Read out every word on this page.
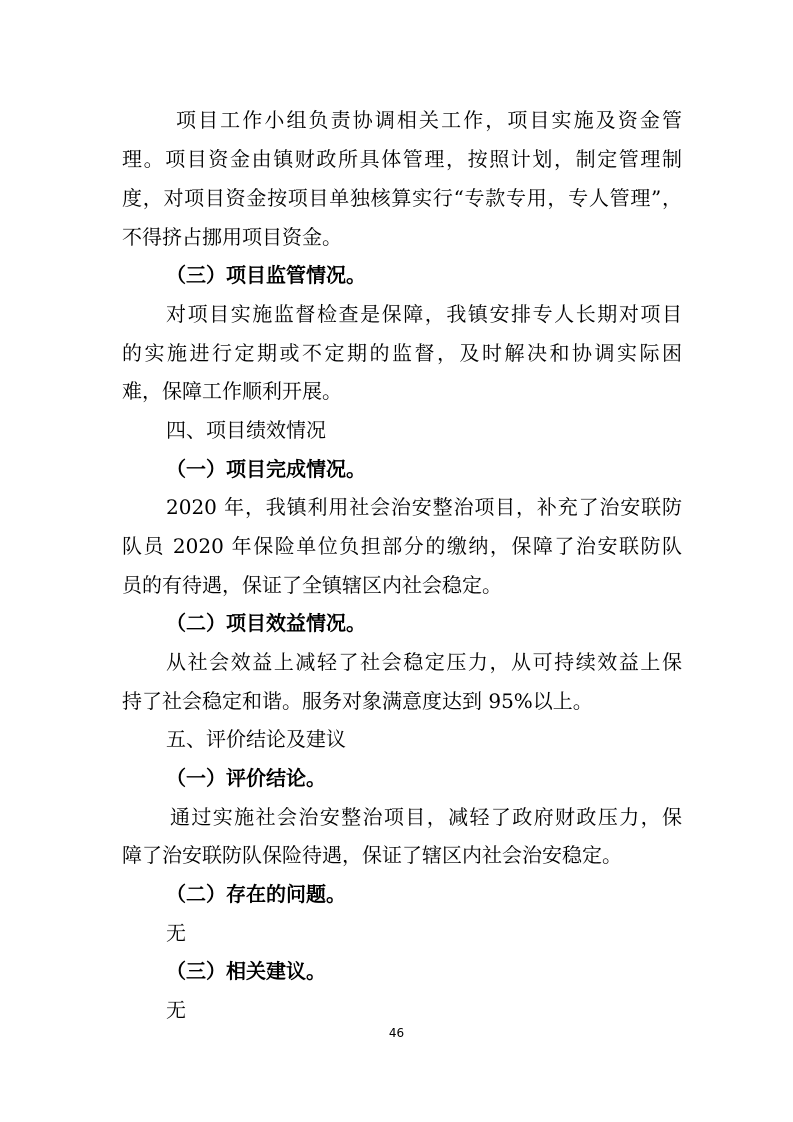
项目工作小组负责协调相关工作，项目实施及资金管
理。项目资金由镇财政所具体管理，按照计划，制定管理制
度，对项目资金按项目单独核算实行“专款专用，专人管理”，
不得挤占挪用项目资金。
（三）项目监管情况。
对项目实施监督检查是保障，我镇安排专人长期对项目
的实施进行定期或不定期的监督，及时解决和协调实际困
难，保障工作顺利开展。
四、项目绩效情况
（一）项目完成情况。
2020 年，我镇利用社会治安整治项目，补充了治安联防
队员 2020 年保险单位负担部分的缴纳，保障了治安联防队
员的有待遇，保证了全镇辖区内社会稳定。
（二）项目效益情况。
从社会效益上减轻了社会稳定压力，从可持续效益上保
持了社会稳定和谐。服务对象满意度达到 95%以上。
五、评价结论及建议
（一）评价结论。
通过实施社会治安整治项目，减轻了政府财政压力，保
障了治安联防队保险待遇，保证了辖区内社会治安稳定。
（二）存在的问题。
无
（三）相关建议。
无
46
